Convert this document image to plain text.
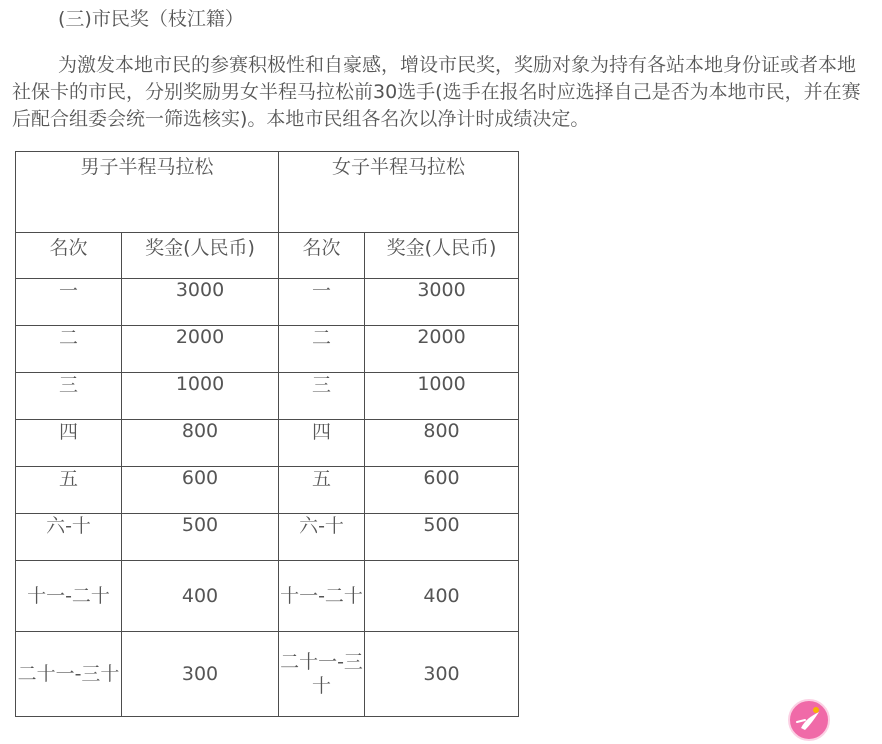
(三)市民奖（枝江籍）

为激发本地市民的参赛积极性和自豪感，增设市民奖，奖励对象为持有各站本地身份证或者本地社保卡的市民，分别奖励男女半程马拉松前30选手(选手在报名时应选择自己是否为本地市民，并在赛后配合组委会统一筛选核实)。本地市民组各名次以净计时成绩决定。

男子半程马拉松		女子半程马拉松	
名次	奖金(人民币)	名次	奖金(人民币)
一	3000	一	3000
二	2000	二	2000
三	1000	三	1000
四	800	四	800
五	600	五	600
六-十	500	六-十	500
十一-二十	400	十一-二十	400
二十一-三十	300	二十一-三十	300
